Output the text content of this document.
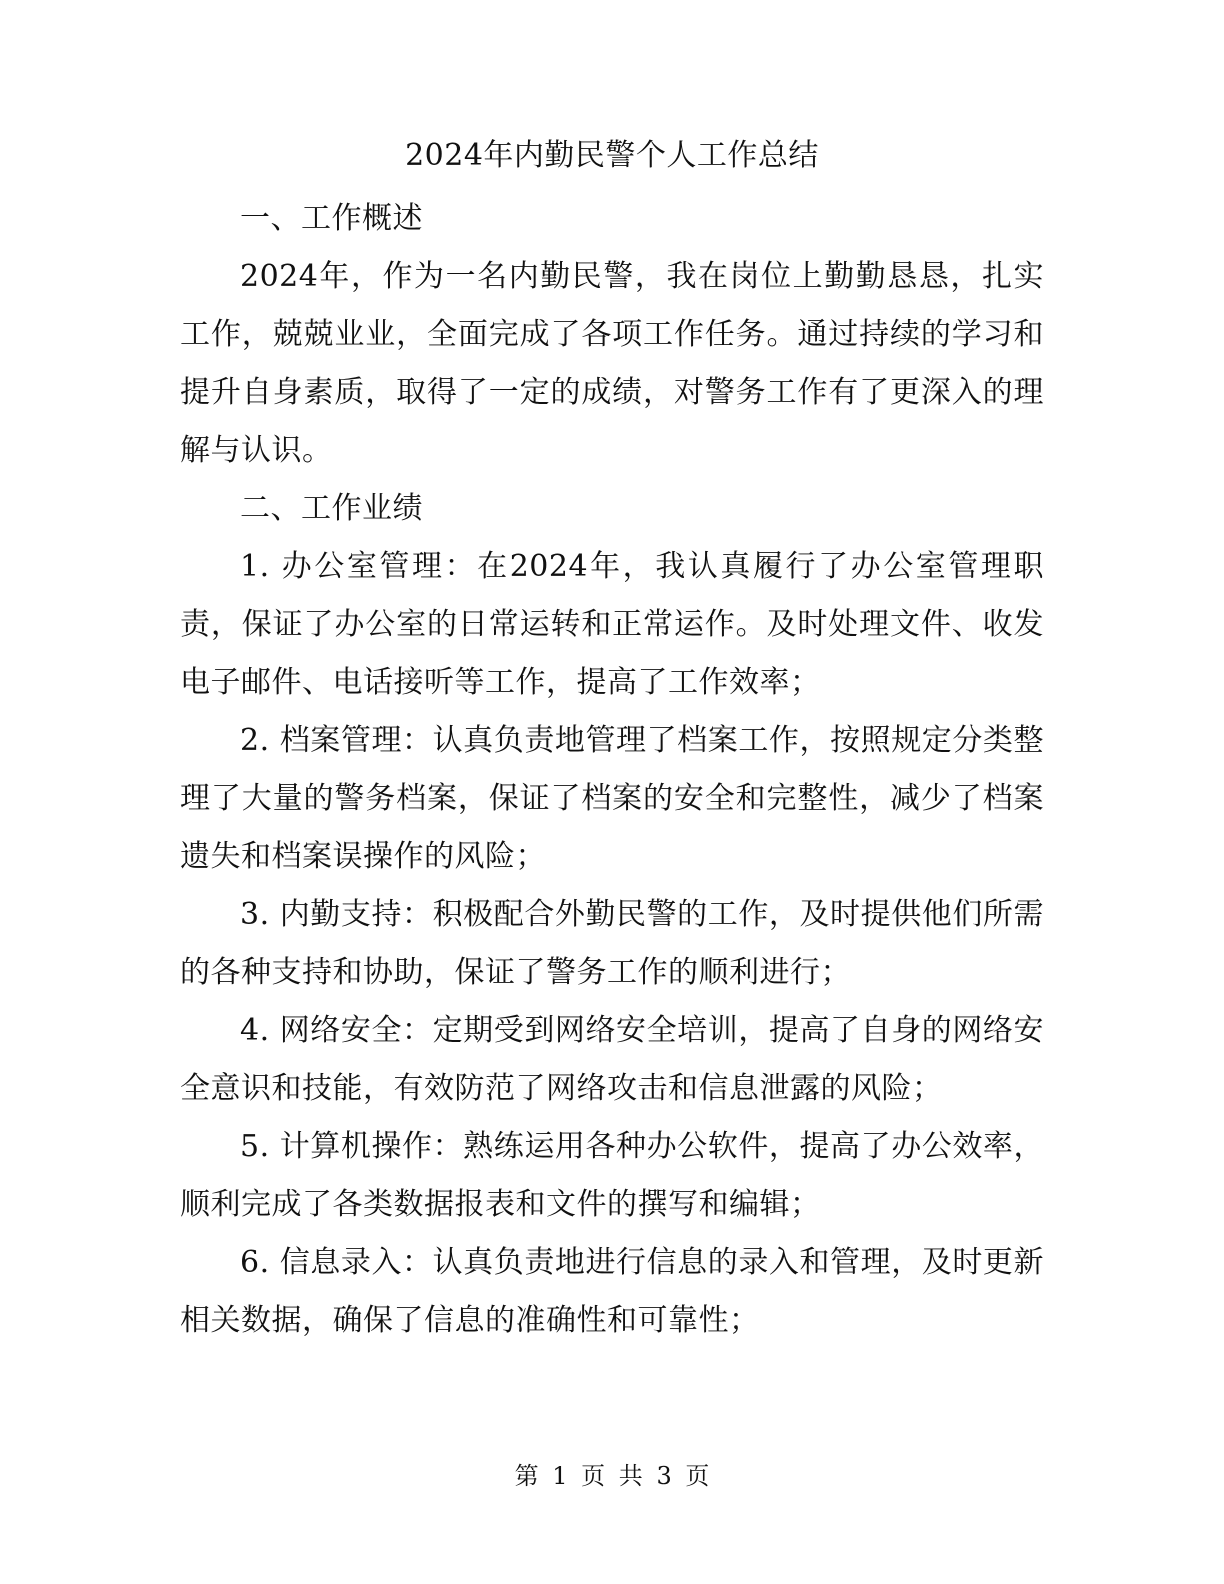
2024年内勤民警个人工作总结

一、工作概述

2024年，作为一名内勤民警，我在岗位上勤勤恳恳，扎实工作，兢兢业业，全面完成了各项工作任务。通过持续的学习和提升自身素质，取得了一定的成绩，对警务工作有了更深入的理解与认识。

二、工作业绩

1. 办公室管理：在2024年，我认真履行了办公室管理职责，保证了办公室的日常运转和正常运作。及时处理文件、收发电子邮件、电话接听等工作，提高了工作效率；

2. 档案管理：认真负责地管理了档案工作，按照规定分类整理了大量的警务档案，保证了档案的安全和完整性，减少了档案遗失和档案误操作的风险；

3. 内勤支持：积极配合外勤民警的工作，及时提供他们所需的各种支持和协助，保证了警务工作的顺利进行；

4. 网络安全：定期受到网络安全培训，提高了自身的网络安全意识和技能，有效防范了网络攻击和信息泄露的风险；

5. 计算机操作：熟练运用各种办公软件，提高了办公效率，顺利完成了各类数据报表和文件的撰写和编辑；

6. 信息录入：认真负责地进行信息的录入和管理，及时更新相关数据，确保了信息的准确性和可靠性；

第 1 页 共 3 页
